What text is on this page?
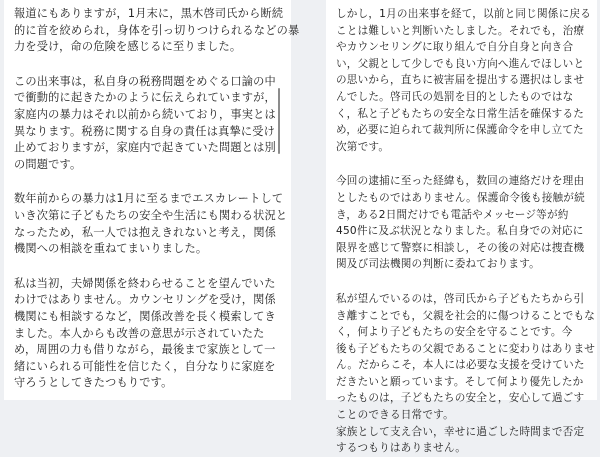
報道にもありますが，1月末に，黒木啓司氏から断続
的に首を絞められ，身体を引っ切りつけられるなどの暴
力を受け，命の危険を感じるに至りました。
この出来事は，私自身の税務問題をめぐる口論の中
で衝動的に起きたかのように伝えられていますが，
家庭内の暴力はそれ以前から続いており，事実とは
異なります。税務に関する自身の責任は真摯に受け
止めておりますが，家庭内で起きていた問題とは別
の問題です。
数年前からの暴力は1月に至るまでエスカレートして
いき次第に子どもたちの安全や生活にも関わる状況と
なったため，私一人では抱えきれないと考え，関係
機関への相談を重ねてまいりました。
私は当初，夫婦関係を終わらせることを望んでいた
わけではありません。カウンセリングを受け，関係
機関にも相談するなど，関係改善を長く模索してき
ました。本人からも改善の意思が示されていたた
め，周囲の力も借りながら，最後まで家族として一
緒にいられる可能性を信じたく，自分なりに家庭を
守ろうとしてきたつもりです。
しかし，1月の出来事を経て，以前と同じ関係に戻る
ことは難しいと判断いたしました。それでも，治療
やカウンセリングに取り組んで自分自身と向き合
い，父親として少しでも良い方向へ進んでほしいと
の思いから，直ちに被害届を提出する選択はしませ
んでした。啓司氏の処罰を目的としたものではな
く，私と子どもたちの安全な日常生活を確保するた
め，必要に迫られて裁判所に保護命令を申し立てた
次第です。
今回の逮捕に至った経緯も，数回の連絡だけを理由
としたものではありません。保護命令後も接触が続
き，ある2日間だけでも電話やメッセージ等が約
450件に及ぶ状況となりました。私自身での対応に
限界を感じて警察に相談し，その後の対応は捜査機
関及び司法機関の判断に委ねております。
私が望んでいるのは，啓司氏から子どもたちから引
き離すことでも，父親を社会的に傷つけることでもな
く，何より子どもたちの安全を守ることです。今
後も子どもたちの父親であることに変わりはありませ
ん。だからこそ，本人には必要な支援を受けていた
だきたいと願っています。そして何より優先したか
ったものは，子どもたちの安全と，安心して過ごす
ことのできる日常です。
家族として支え合い，幸せに過ごした時間まで否定
するつもりはありません。
